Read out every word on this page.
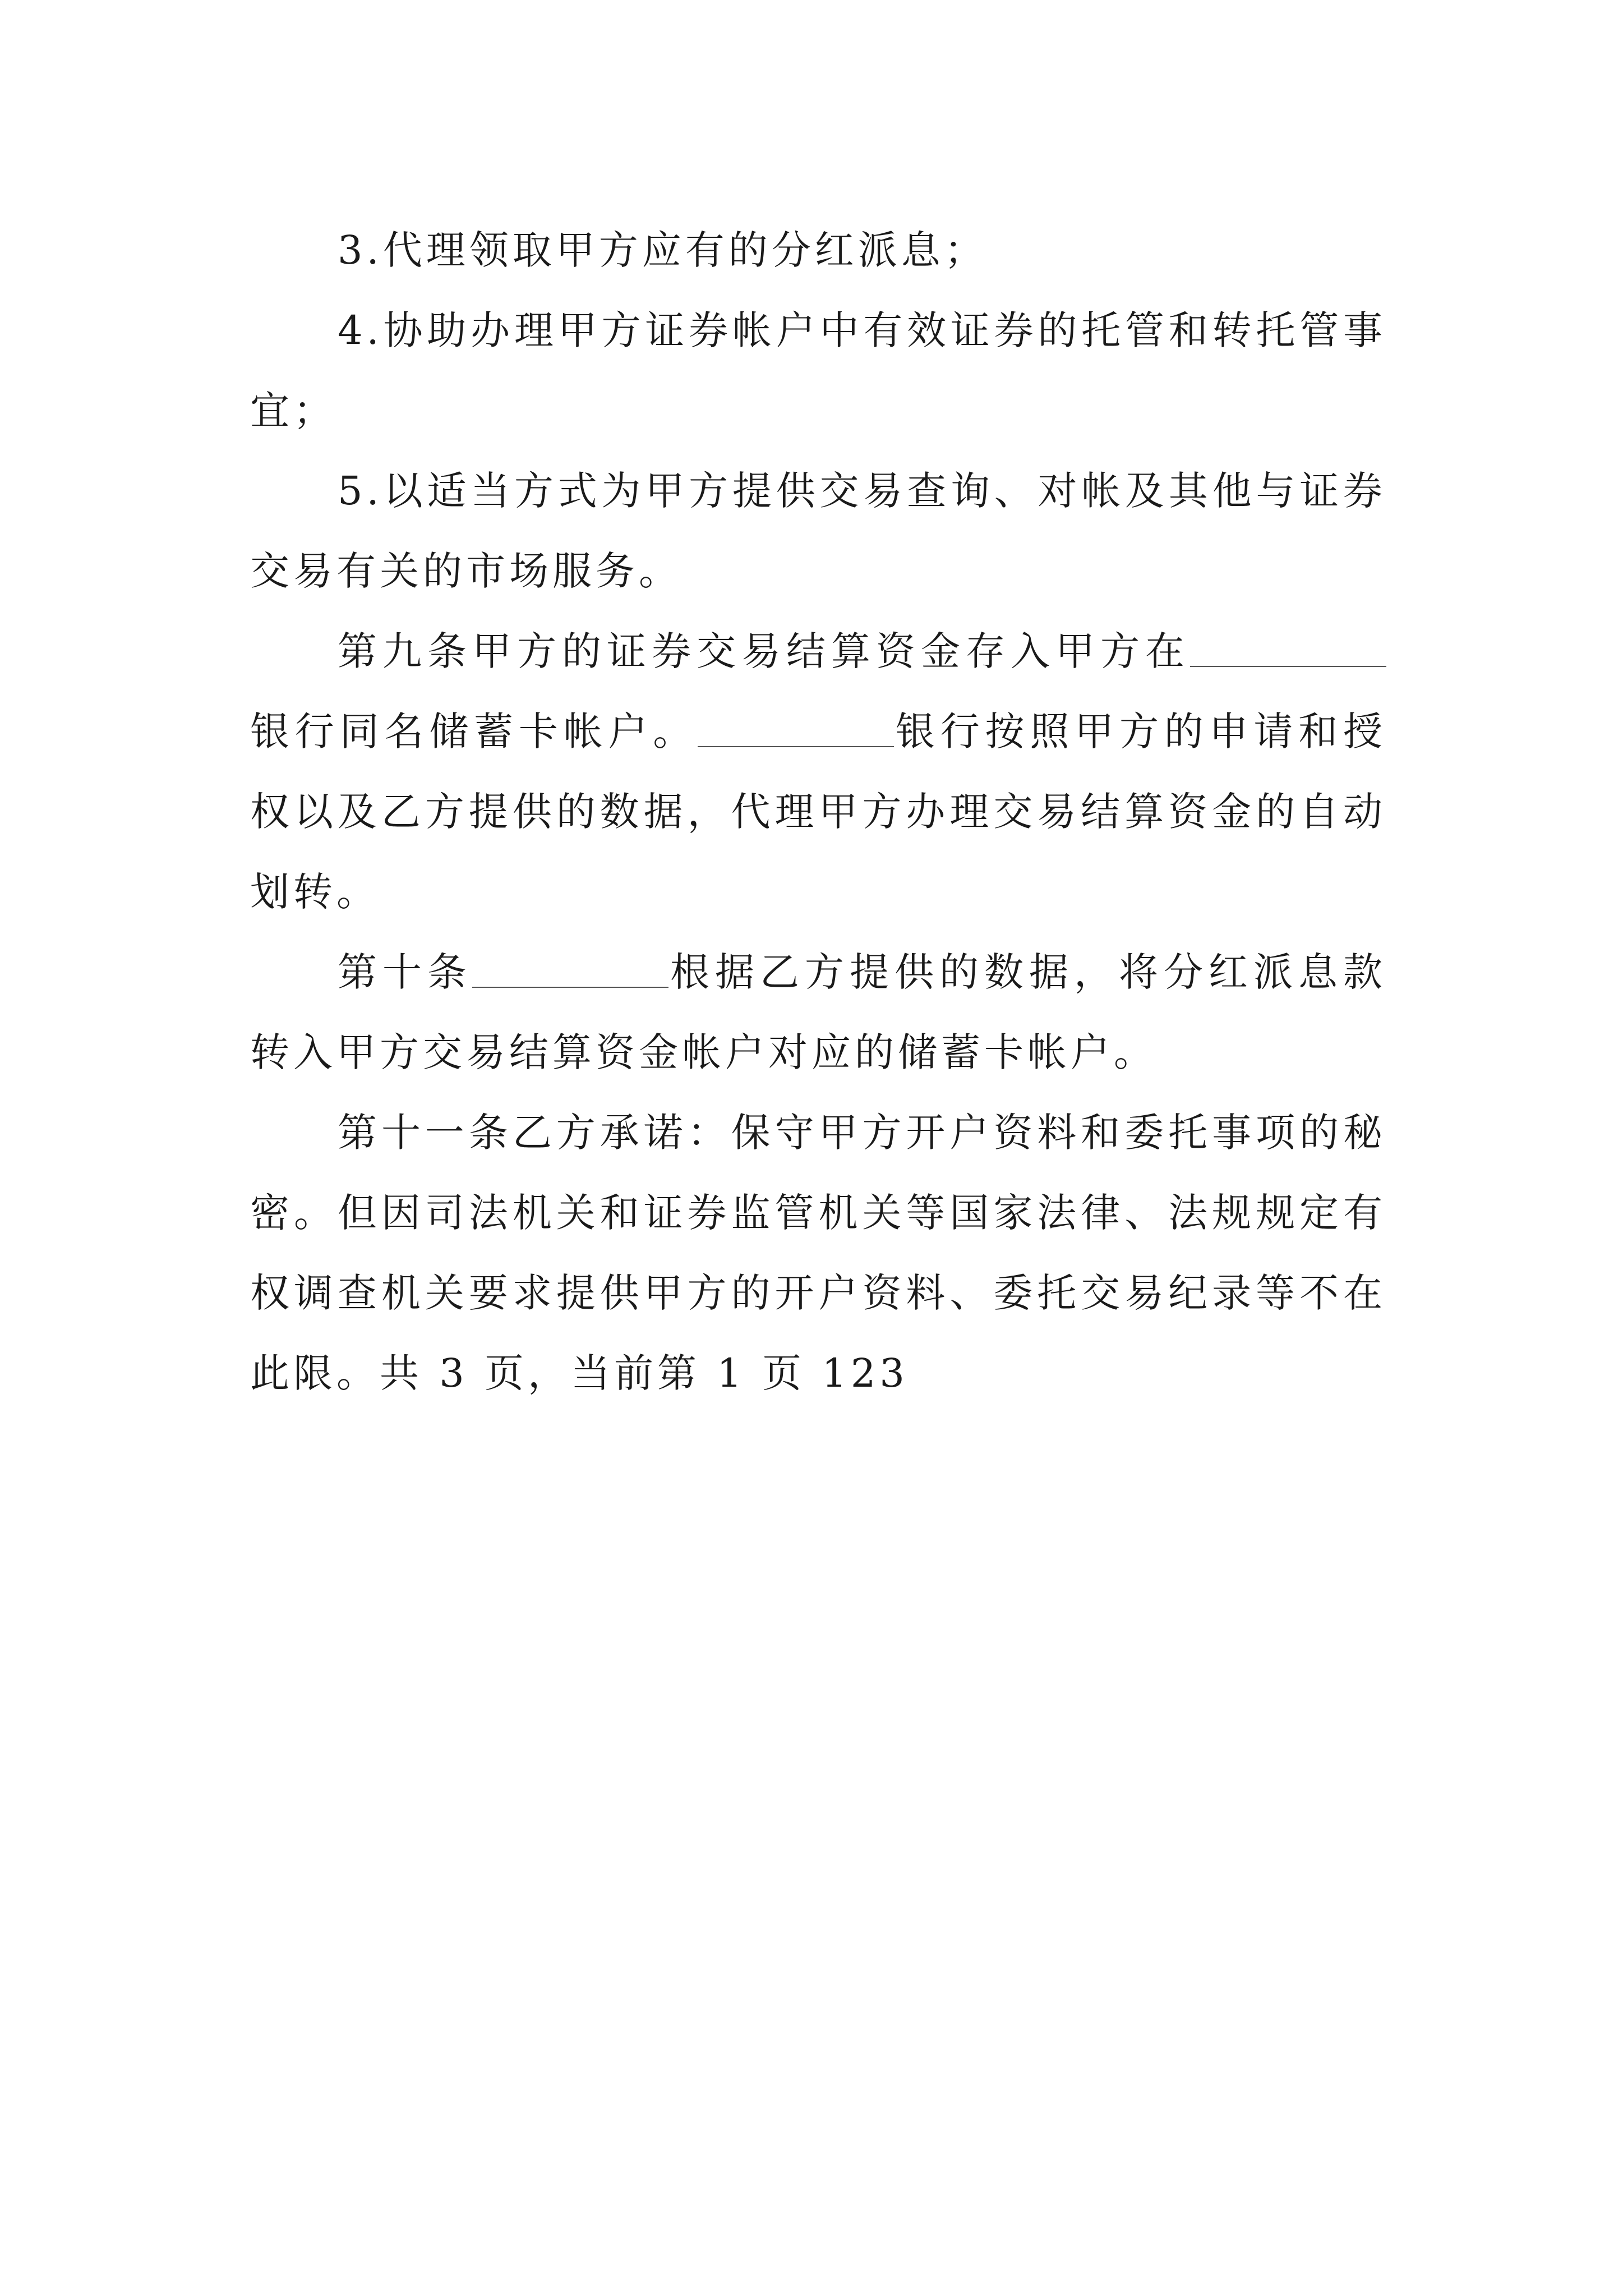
3.代理领取甲方应有的分红派息；

4.协助办理甲方证券帐户中有效证券的托管和转托管事宜；

5.以适当方式为甲方提供交易查询、对帐及其他与证券交易有关的市场服务。

第九条甲方的证券交易结算资金存入甲方在银行同名储蓄卡帐户。	银行按照甲方的申请和授权以及乙方提供的数据，代理甲方办理交易结算资金的自动划转。

第十条	根据乙方提供的数据，将分红派息款转入甲方交易结算资金帐户对应的储蓄卡帐户。

第十一条乙方承诺：保守甲方开户资料和委托事项的秘密。但因司法机关和证券监管机关等国家法律、法规规定有权调查机关要求提供甲方的开户资料、委托交易纪录等不在此限。共 3 页，当前第 1 页 123
